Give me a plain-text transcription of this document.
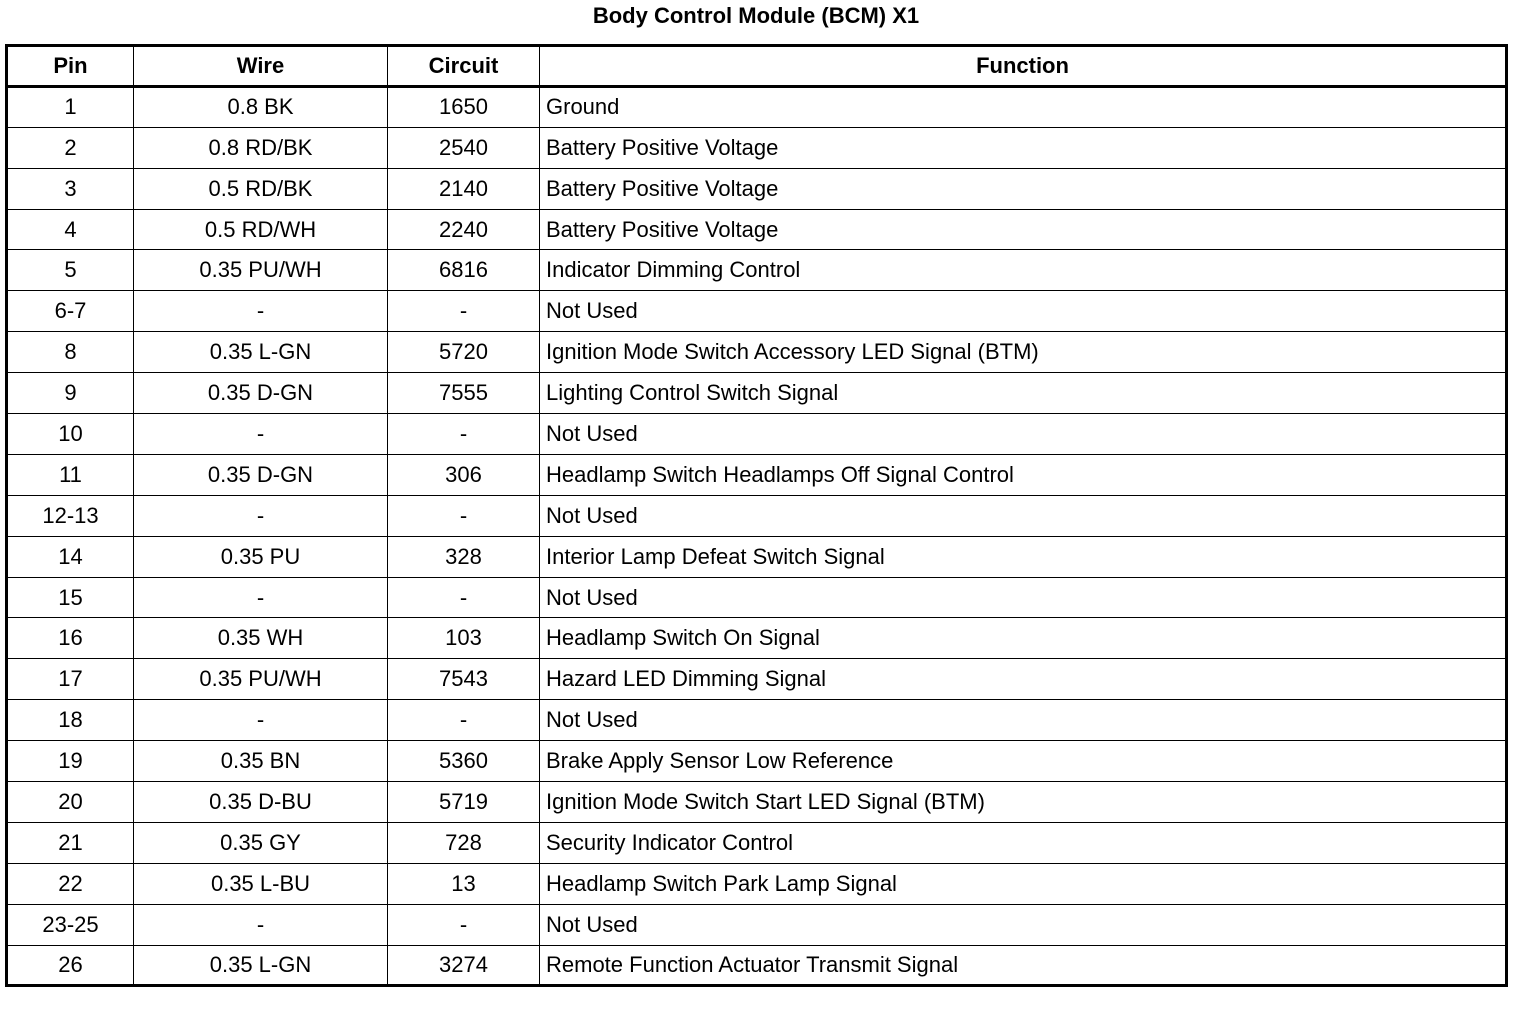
Body Control Module (BCM) X1
Pin	Wire	Circuit	Function
1	0.8 BK	1650	Ground
2	0.8 RD/BK	2540	Battery Positive Voltage
3	0.5 RD/BK	2140	Battery Positive Voltage
4	0.5 RD/WH	2240	Battery Positive Voltage
5	0.35 PU/WH	6816	Indicator Dimming Control
6-7	-	-	Not Used
8	0.35 L-GN	5720	Ignition Mode Switch Accessory LED Signal (BTM)
9	0.35 D-GN	7555	Lighting Control Switch Signal
10	-	-	Not Used
11	0.35 D-GN	306	Headlamp Switch Headlamps Off Signal Control
12-13	-	-	Not Used
14	0.35 PU	328	Interior Lamp Defeat Switch Signal
15	-	-	Not Used
16	0.35 WH	103	Headlamp Switch On Signal
17	0.35 PU/WH	7543	Hazard LED Dimming Signal
18	-	-	Not Used
19	0.35 BN	5360	Brake Apply Sensor Low Reference
20	0.35 D-BU	5719	Ignition Mode Switch Start LED Signal (BTM)
21	0.35 GY	728	Security Indicator Control
22	0.35 L-BU	13	Headlamp Switch Park Lamp Signal
23-25	-	-	Not Used
26	0.35 L-GN	3274	Remote Function Actuator Transmit Signal
